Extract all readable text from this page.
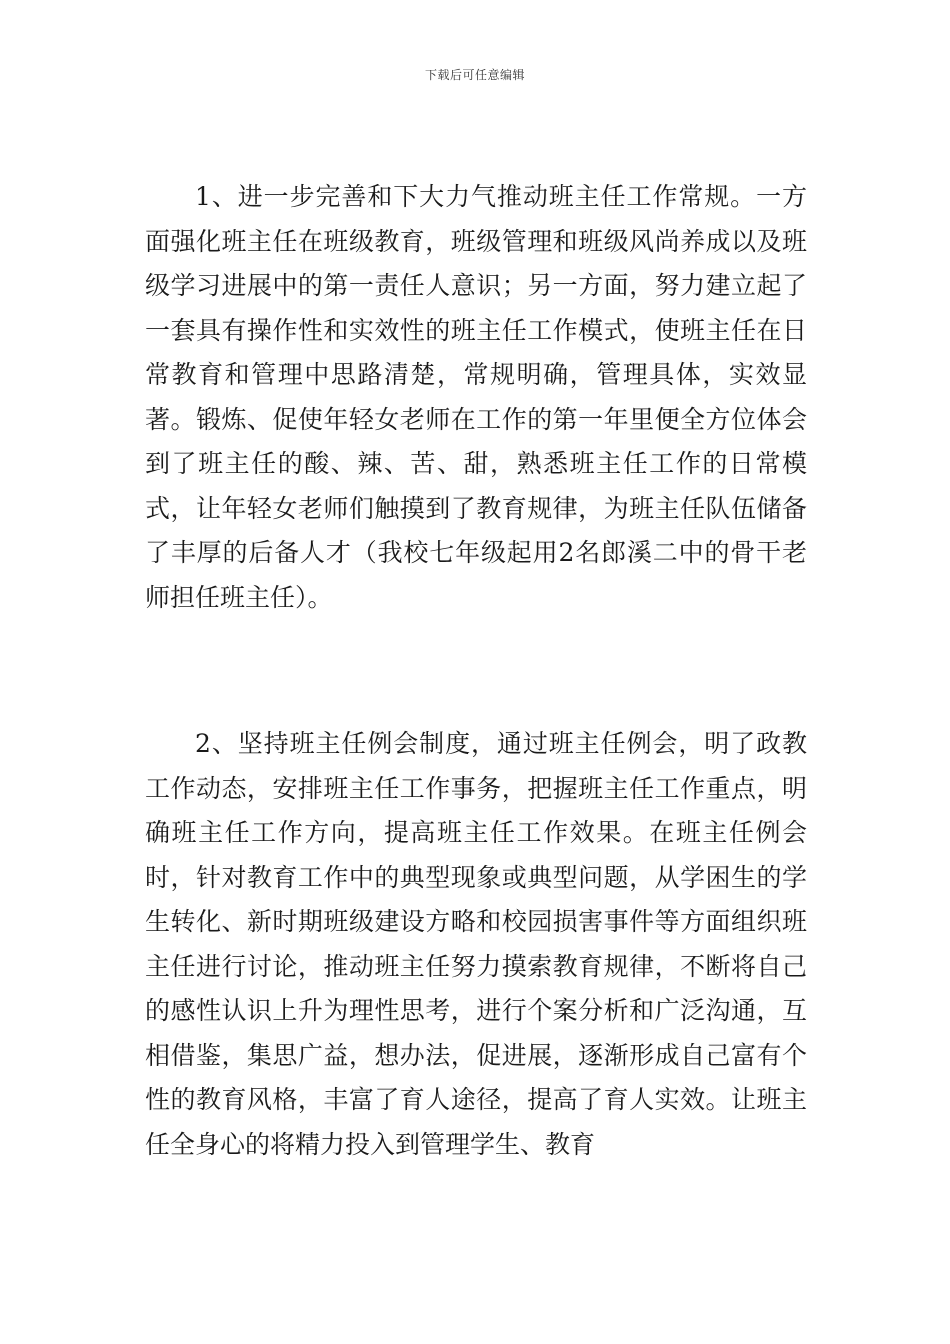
下载后可任意编辑

1、进一步完善和下大力气推动班主任工作常规。一方面强化班主任在班级教育，班级管理和班级风尚养成以及班级学习进展中的第一责任人意识；另一方面，努力建立起了一套具有操作性和实效性的班主任工作模式，使班主任在日常教育和管理中思路清楚，常规明确，管理具体，实效显著。锻炼、促使年轻女老师在工作的第一年里便全方位体会到了班主任的酸、辣、苦、甜，熟悉班主任工作的日常模式，让年轻女老师们触摸到了教育规律，为班主任队伍储备了丰厚的后备人才（我校七年级起用2名郎溪二中的骨干老师担任班主任）。

2、坚持班主任例会制度，通过班主任例会，明了政教工作动态，安排班主任工作事务，把握班主任工作重点，明确班主任工作方向，提高班主任工作效果。在班主任例会时，针对教育工作中的典型现象或典型问题，从学困生的学生转化、新时期班级建设方略和校园损害事件等方面组织班主任进行讨论，推动班主任努力摸索教育规律，不断将自己的感性认识上升为理性思考，进行个案分析和广泛沟通，互相借鉴，集思广益，想办法，促进展，逐渐形成自己富有个性的教育风格，丰富了育人途径，提高了育人实效。让班主任全身心的将精力投入到管理学生、教育
